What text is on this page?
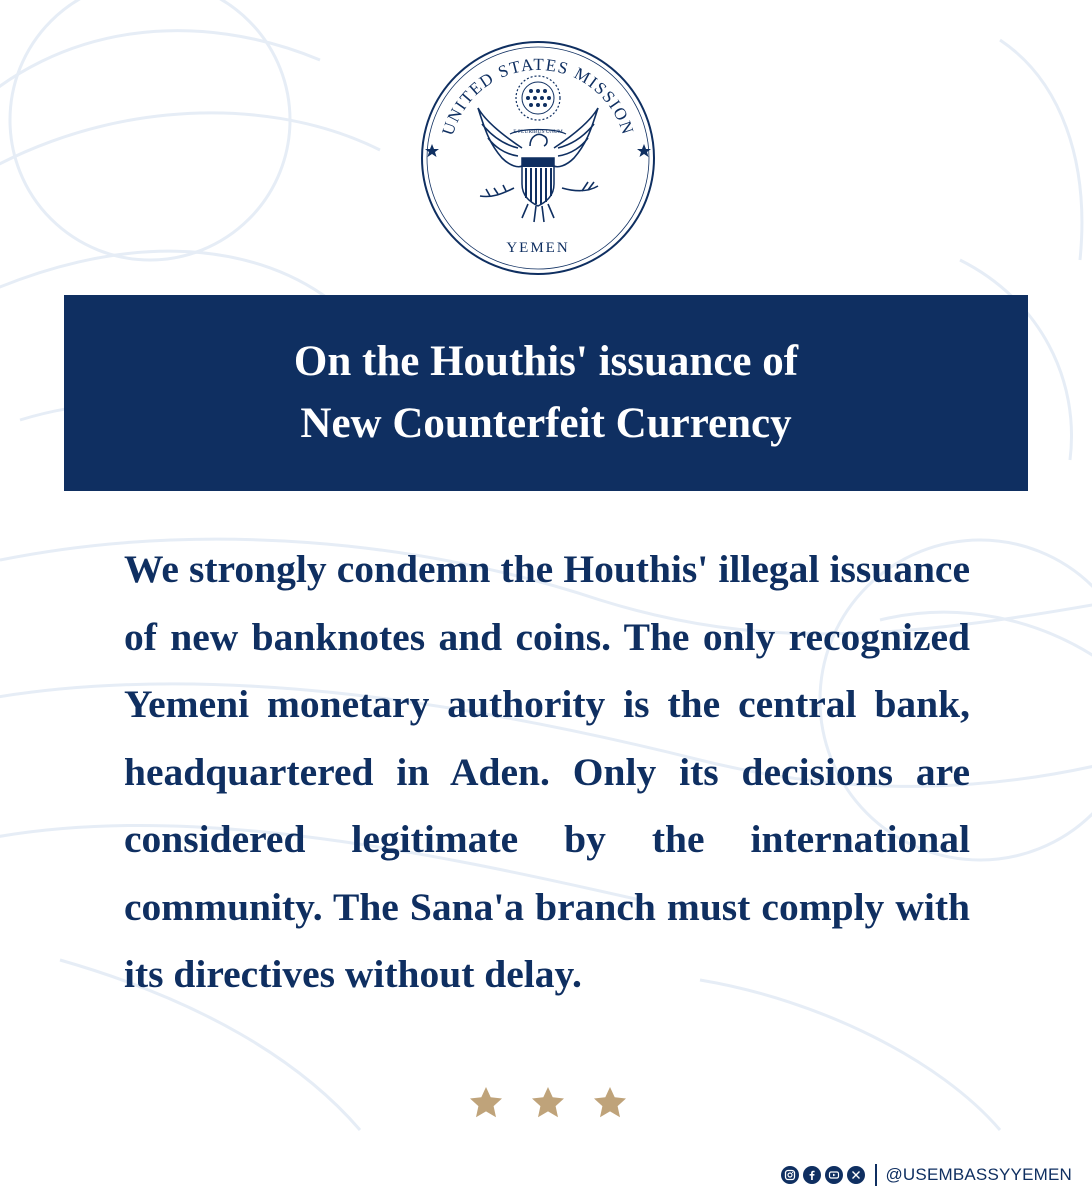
UNITED STATES MISSION
YEMEN
E PLURIBUS UNUM
On the Houthis' issuance of
New Counterfeit Currency

We strongly condemn the Houthis' illegal issuance of new banknotes and coins. The only recognized Yemeni monetary authority is the central bank, headquartered in Aden. Only its decisions are considered legitimate by the international community. The Sana'a branch must comply with its directives without delay.

@USEMBASSYYEMEN
